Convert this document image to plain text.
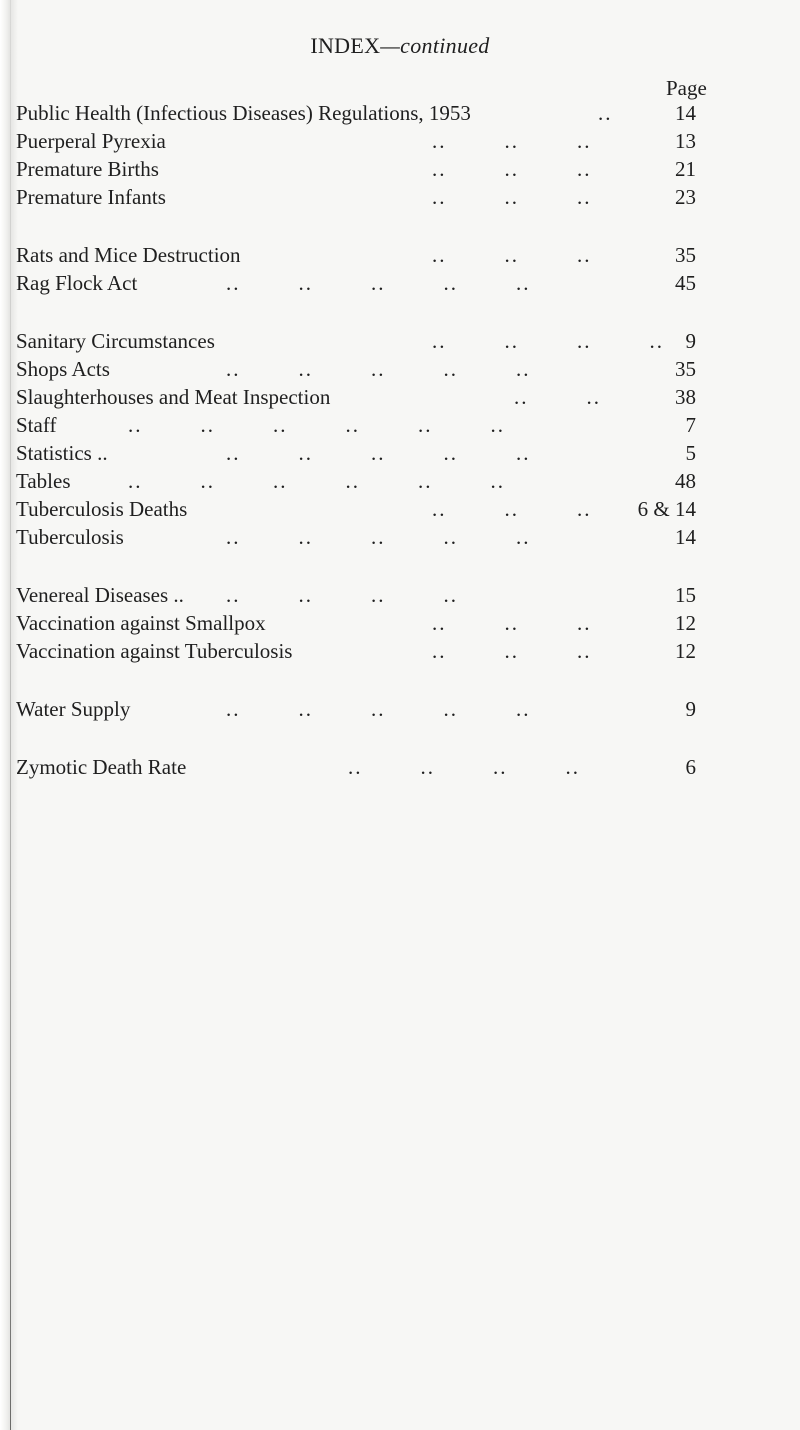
INDEX—continued
Page
Public Health (Infectious Diseases) Regulations, 1953	..	14
Puerperal Pyrexia	..        ..        ..	13
Premature Births	..        ..        ..	21
Premature Infants	..        ..        ..	23
Rats and Mice Destruction	..        ..        ..	35
Rag Flock Act	..        ..        ..        ..        ..	45
Sanitary Circumstances	..        ..        ..        .. 9
Shops Acts	..        ..        ..        ..        ..	35
Slaughterhouses and Meat Inspection	..        ..	38
Staff	..        ..        ..        ..        ..        ..	7
Statistics ..	..        ..        ..        ..        ..	5
Tables	..        ..        ..        ..        ..        ..	48
Tuberculosis Deaths	..        ..        .. 6 & 14
Tuberculosis	..        ..        ..        ..        ..	14
Venereal Diseases .. ..        ..        ..        ..	15
Vaccination against Smallpox	..        ..        ..	12
Vaccination against Tuberculosis	..        ..        ..	12
Water Supply	..        ..        ..        ..        ..	9
Zymotic Death Rate	..        ..        ..        ..	6
